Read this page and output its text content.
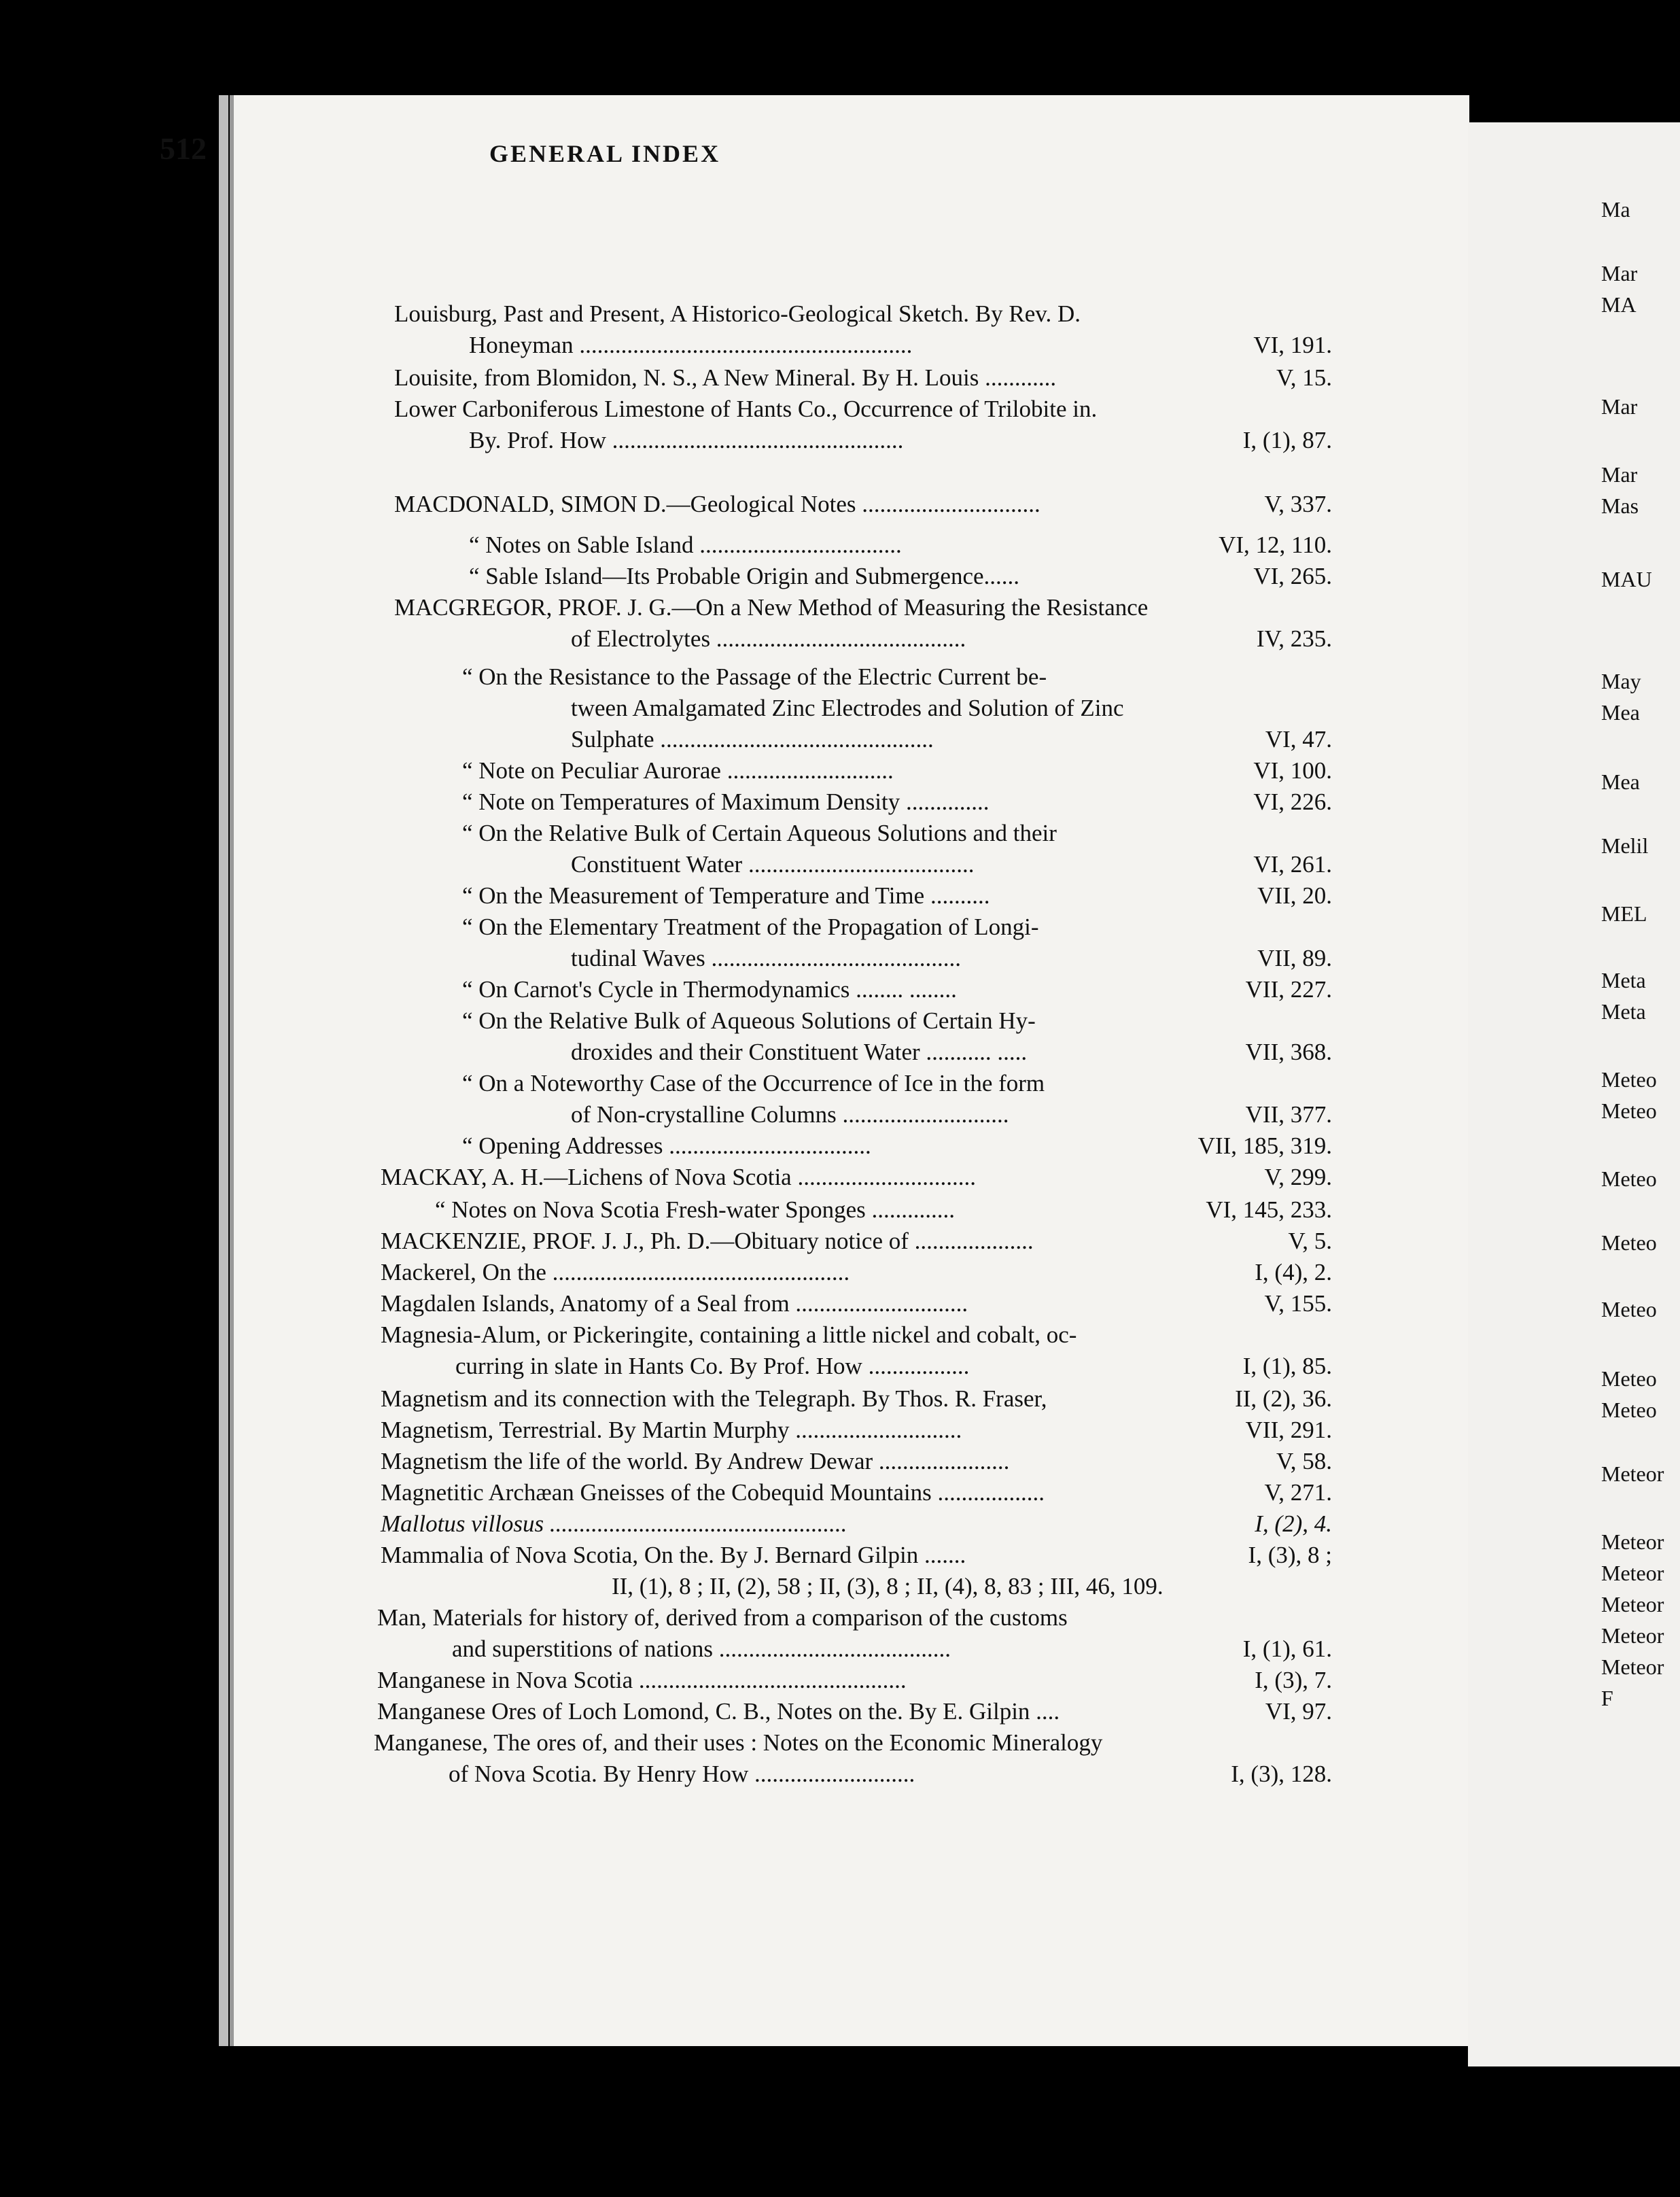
Ma
Mar
MA
Mar
Mar
Mas
MAU
May
Mea
Mea
Melil
MEL
Meta
Meta
Meteo
Meteo
Meteo
Meteo
Meteo
Meteo
Meteo
Meteor
Meteor
Meteor
Meteor
Meteor
Meteor
F
512	GENERAL INDEX
Louisburg, Past and Present, A Historico-Geological Sketch. By Rev. D.
Honeyman ........................................................	VI, 191.
Louisite, from Blomidon, N. S., A New Mineral. By H. Louis ............	V, 15.
Lower Carboniferous Limestone of Hants Co., Occurrence of Trilobite in.
By. Prof. How .................................................	I, (1), 87.
MACDONALD, SIMON D.—Geological Notes ..............................	V, 337.
“ Notes on Sable Island ..................................	VI, 12, 110.
“ Sable Island—Its Probable Origin and Submergence......	VI, 265.
MACGREGOR, PROF. J. G.—On a New Method of Measuring the Resistance
of Electrolytes ..........................................	IV, 235.
“ On the Resistance to the Passage of the Electric Current be-
tween Amalgamated Zinc Electrodes and Solution of Zinc
Sulphate ..............................................	VI, 47.
“ Note on Peculiar Aurorae ............................	VI, 100.
“ Note on Temperatures of Maximum Density ..............	VI, 226.
“ On the Relative Bulk of Certain Aqueous Solutions and their
Constituent Water ......................................	VI, 261.
“ On the Measurement of Temperature and Time ..........	VII, 20.
“ On the Elementary Treatment of the Propagation of Longi-
tudinal Waves ..........................................	VII, 89.
“ On Carnot's Cycle in Thermodynamics ........ ........	VII, 227.
“ On the Relative Bulk of Aqueous Solutions of Certain Hy-
droxides and their Constituent Water ........... .....	VII, 368.
“ On a Noteworthy Case of the Occurrence of Ice in the form
of Non-crystalline Columns ............................	VII, 377.
“ Opening Addresses ..................................	VII, 185, 319.
MACKAY, A. H.—Lichens of Nova Scotia ..............................	V, 299.
“ Notes on Nova Scotia Fresh-water Sponges ..............	VI, 145, 233.
MACKENZIE, PROF. J. J., Ph. D.—Obituary notice of ....................	V, 5.
Mackerel, On the ..................................................	I, (4), 2.
Magdalen Islands, Anatomy of a Seal from .............................	V, 155.
Magnesia-Alum, or Pickeringite, containing a little nickel and cobalt, oc-
curring in slate in Hants Co. By Prof. How .................	I, (1), 85.
Magnetism and its connection with the Telegraph. By Thos. R. Fraser,	II, (2), 36.
Magnetism, Terrestrial. By Martin Murphy ............................	VII, 291.
Magnetism the life of the world. By Andrew Dewar ......................	V, 58.
Magnetitic Archæan Gneisses of the Cobequid Mountains ..................	V, 271.
Mallotus villosus ..................................................	I, (2), 4.
Mammalia of Nova Scotia, On the. By J. Bernard Gilpin .......	I, (3), 8 ;
II, (1), 8 ; II, (2), 58 ; II, (3), 8 ; II, (4), 8, 83 ; III, 46, 109.
Man, Materials for history of, derived from a comparison of the customs
and superstitions of nations .......................................	I, (1), 61.
Manganese in Nova Scotia .............................................	I, (3), 7.
Manganese Ores of Loch Lomond, C. B., Notes on the. By E. Gilpin ....	VI, 97.
Manganese, The ores of, and their uses : Notes on the Economic Mineralogy
of Nova Scotia. By Henry How ...........................	I, (3), 128.
